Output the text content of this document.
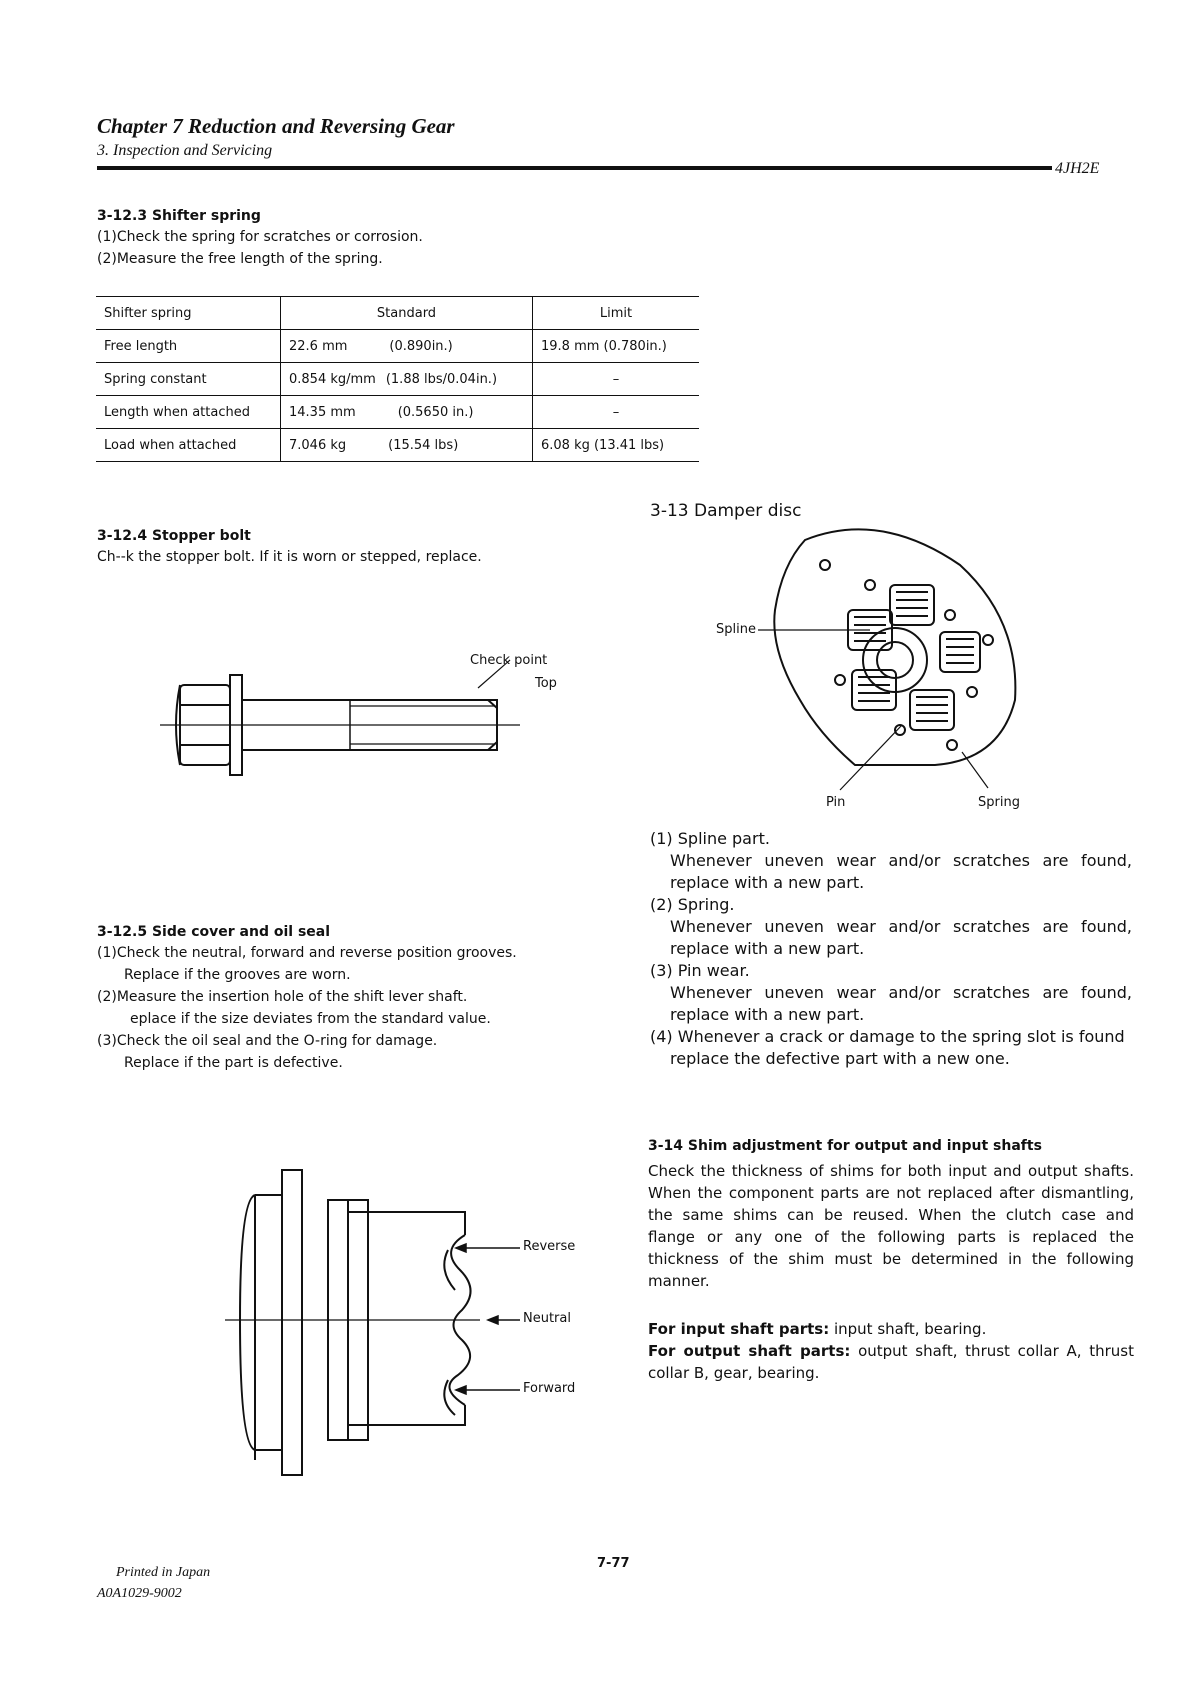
Chapter 7 Reduction and Reversing Gear
3. Inspection and Servicing
4JH2E
3-12.3 Shifter spring
(1)Check the spring for scratches or corrosion.
(2)Measure the free length of the spring.
Shifter spring	Standard	Limit
Free length	22.6 mm (0.890in.)	19.8 mm (0.780in.)
Spring constant	0.854 kg/mm (1.88 lbs/0.04in.)	–
Length when attached	14.35 mm (0.5650 in.)	–
Load when attached	7.046 kg (15.54 lbs)	6.08 kg (13.41 lbs)
3-12.4 Stopper bolt
Ch--k the stopper bolt. If it is worn or stepped, replace.
Check point
Top
3-12.5 Side cover and oil seal
(1)Check the neutral, forward and reverse position grooves.
Replace if the grooves are worn.
(2)Measure the insertion hole of the shift lever shaft.
eplace if the size deviates from the standard value.
(3)Check the oil seal and the O-ring for damage.
Replace if the part is defective.
Reverse
Neutral
Forward
3-13 Damper disc
Spline
Pin	Spring
(1) Spline part.
Whenever uneven wear and/or scratches are found, replace with a new part.
(2) Spring.
Whenever uneven wear and/or scratches are found, replace with a new part.
(3) Pin wear.
Whenever uneven wear and/or scratches are found, replace with a new part.
(4) Whenever a crack or damage to the spring slot is found
replace the defective part with a new one.
3-14 Shim adjustment for output and input shafts
Check the thickness of shims for both input and output shafts. When the component parts are not replaced after dismantling, the same shims can be reused. When the clutch case and flange or any one of the following parts is replaced the thickness of the shim must be determined in the following manner.
For input shaft parts: input shaft, bearing.
For output shaft parts: output shaft, thrust collar A, thrust collar B, gear, bearing.
7-77
Printed in Japan
A0A1029-9002
